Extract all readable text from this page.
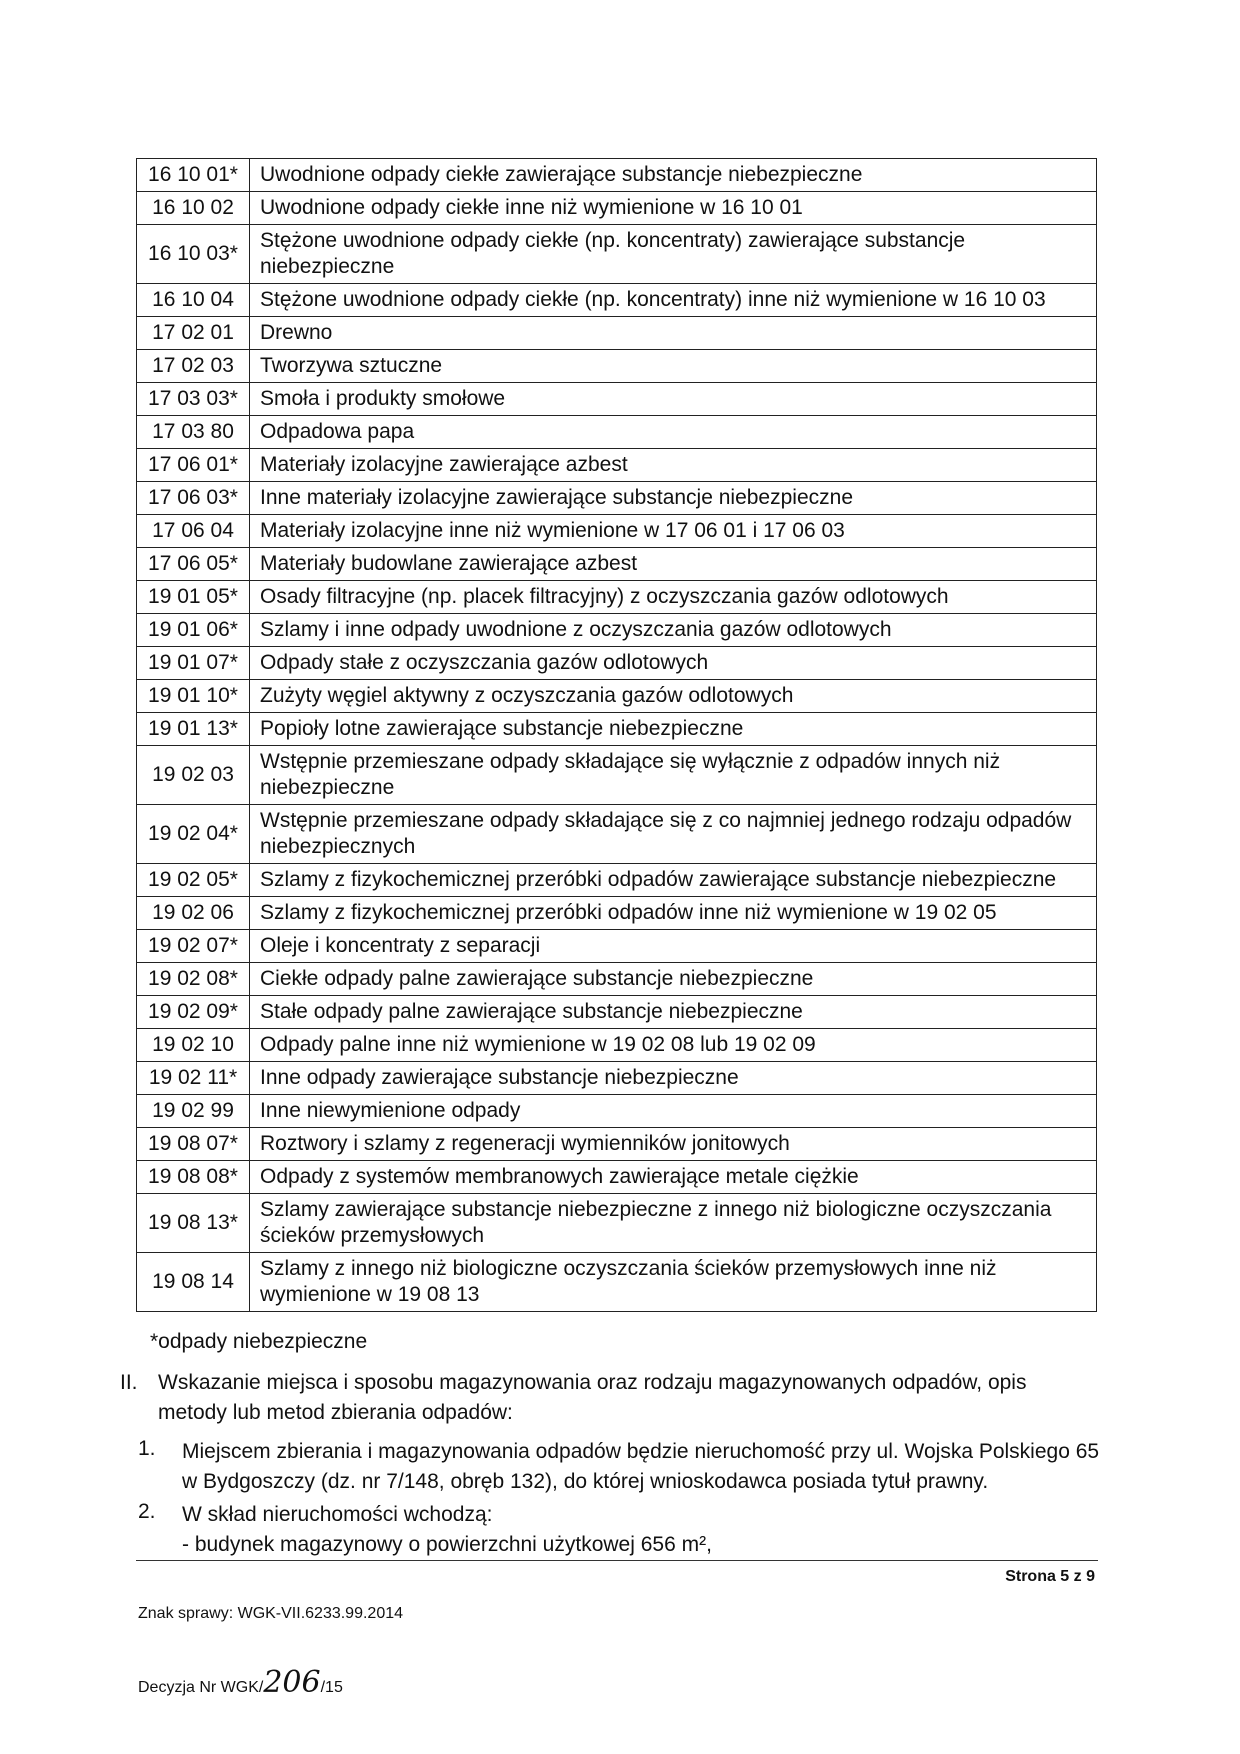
16 10 01*	Uwodnione odpady ciekłe zawierające substancje niebezpieczne
16 10 02	Uwodnione odpady ciekłe inne niż wymienione w 16 10 01
16 10 03*	Stężone uwodnione odpady ciekłe (np. koncentraty) zawierające substancje niebezpieczne
16 10 04	Stężone uwodnione odpady ciekłe (np. koncentraty) inne niż wymienione w 16 10 03
17 02 01	Drewno
17 02 03	Tworzywa sztuczne
17 03 03*	Smoła i produkty smołowe
17 03 80	Odpadowa papa
17 06 01*	Materiały izolacyjne zawierające azbest
17 06 03*	Inne materiały izolacyjne zawierające substancje niebezpieczne
17 06 04	Materiały izolacyjne inne niż wymienione w 17 06 01 i 17 06 03
17 06 05*	Materiały budowlane zawierające azbest
19 01 05*	Osady filtracyjne (np. placek filtracyjny) z oczyszczania gazów odlotowych
19 01 06*	Szlamy i inne odpady uwodnione z oczyszczania gazów odlotowych
19 01 07*	Odpady stałe z oczyszczania gazów odlotowych
19 01 10*	Zużyty węgiel aktywny z oczyszczania gazów odlotowych
19 01 13*	Popioły lotne zawierające substancje niebezpieczne
19 02 03	Wstępnie przemieszane odpady składające się wyłącznie z odpadów innych niż niebezpieczne
19 02 04*	Wstępnie przemieszane odpady składające się z co najmniej jednego rodzaju odpadów niebezpiecznych
19 02 05*	Szlamy z fizykochemicznej przeróbki odpadów zawierające substancje niebezpieczne
19 02 06	Szlamy z fizykochemicznej przeróbki odpadów inne niż wymienione w 19 02 05
19 02 07*	Oleje i koncentraty z separacji
19 02 08*	Ciekłe odpady palne zawierające substancje niebezpieczne
19 02 09*	Stałe odpady palne zawierające substancje niebezpieczne
19 02 10	Odpady palne inne niż wymienione w 19 02 08 lub 19 02 09
19 02 11*	Inne odpady zawierające substancje niebezpieczne
19 02 99	Inne niewymienione odpady
19 08 07*	Roztwory i szlamy z regeneracji wymienników jonitowych
19 08 08*	Odpady z systemów membranowych zawierające metale ciężkie
19 08 13*	Szlamy zawierające substancje niebezpieczne z innego niż biologiczne oczyszczania ścieków przemysłowych
19 08 14	Szlamy z innego niż biologiczne oczyszczania ścieków przemysłowych inne niż wymienione w 19 08 13
*odpady niebezpieczne
II. Wskazanie miejsca i sposobu magazynowania oraz rodzaju magazynowanych odpadów, opis metody lub metod zbierania odpadów:
1. Miejscem zbierania i magazynowania odpadów będzie nieruchomość przy ul. Wojska Polskiego 65 w Bydgoszczy (dz. nr 7/148, obręb 132), do której wnioskodawca posiada tytuł prawny.
2. W skład nieruchomości wchodzą:
- budynek magazynowy o powierzchni użytkowej 656 m²,
Strona 5 z 9
Znak sprawy: WGK-VII.6233.99.2014
Decyzja Nr WGK/206/15
